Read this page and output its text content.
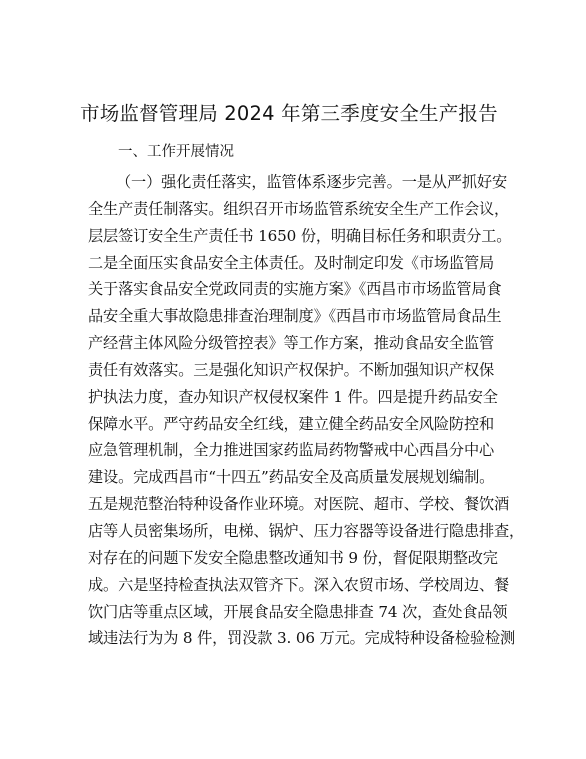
市场监督管理局 2024 年第三季度安全生产报告
一、工作开展情况
（一）强化责任落实，监管体系逐步完善。一是从严抓好安
全生产责任制落实。组织召开市场监管系统安全生产工作会议，
层层签订安全生产责任书 1650 份，明确目标任务和职责分工。
二是全面压实食品安全主体责任。及时制定印发《市场监管局
关于落实食品安全党政同责的实施方案》《西昌市市场监管局食
品安全重大事故隐患排查治理制度》《西昌市市场监管局食品生
产经营主体风险分级管控表》等工作方案，推动食品安全监管
责任有效落实。三是强化知识产权保护。不断加强知识产权保
护执法力度，查办知识产权侵权案件 1 件。四是提升药品安全
保障水平。严守药品安全红线，建立健全药品安全风险防控和
应急管理机制，全力推进国家药监局药物警戒中心西昌分中心
建设。完成西昌市“十四五”药品安全及高质量发展规划编制。
五是规范整治特种设备作业环境。对医院、超市、学校、餐饮酒
店等人员密集场所，电梯、锅炉、压力容器等设备进行隐患排查，
对存在的问题下发安全隐患整改通知书 9 份，督促限期整改完
成。六是坚持检查执法双管齐下。深入农贸市场、学校周边、餐
饮门店等重点区域，开展食品安全隐患排查 74 次，查处食品领
域违法行为为 8 件，罚没款 3. 06 万元。完成特种设备检验检测
